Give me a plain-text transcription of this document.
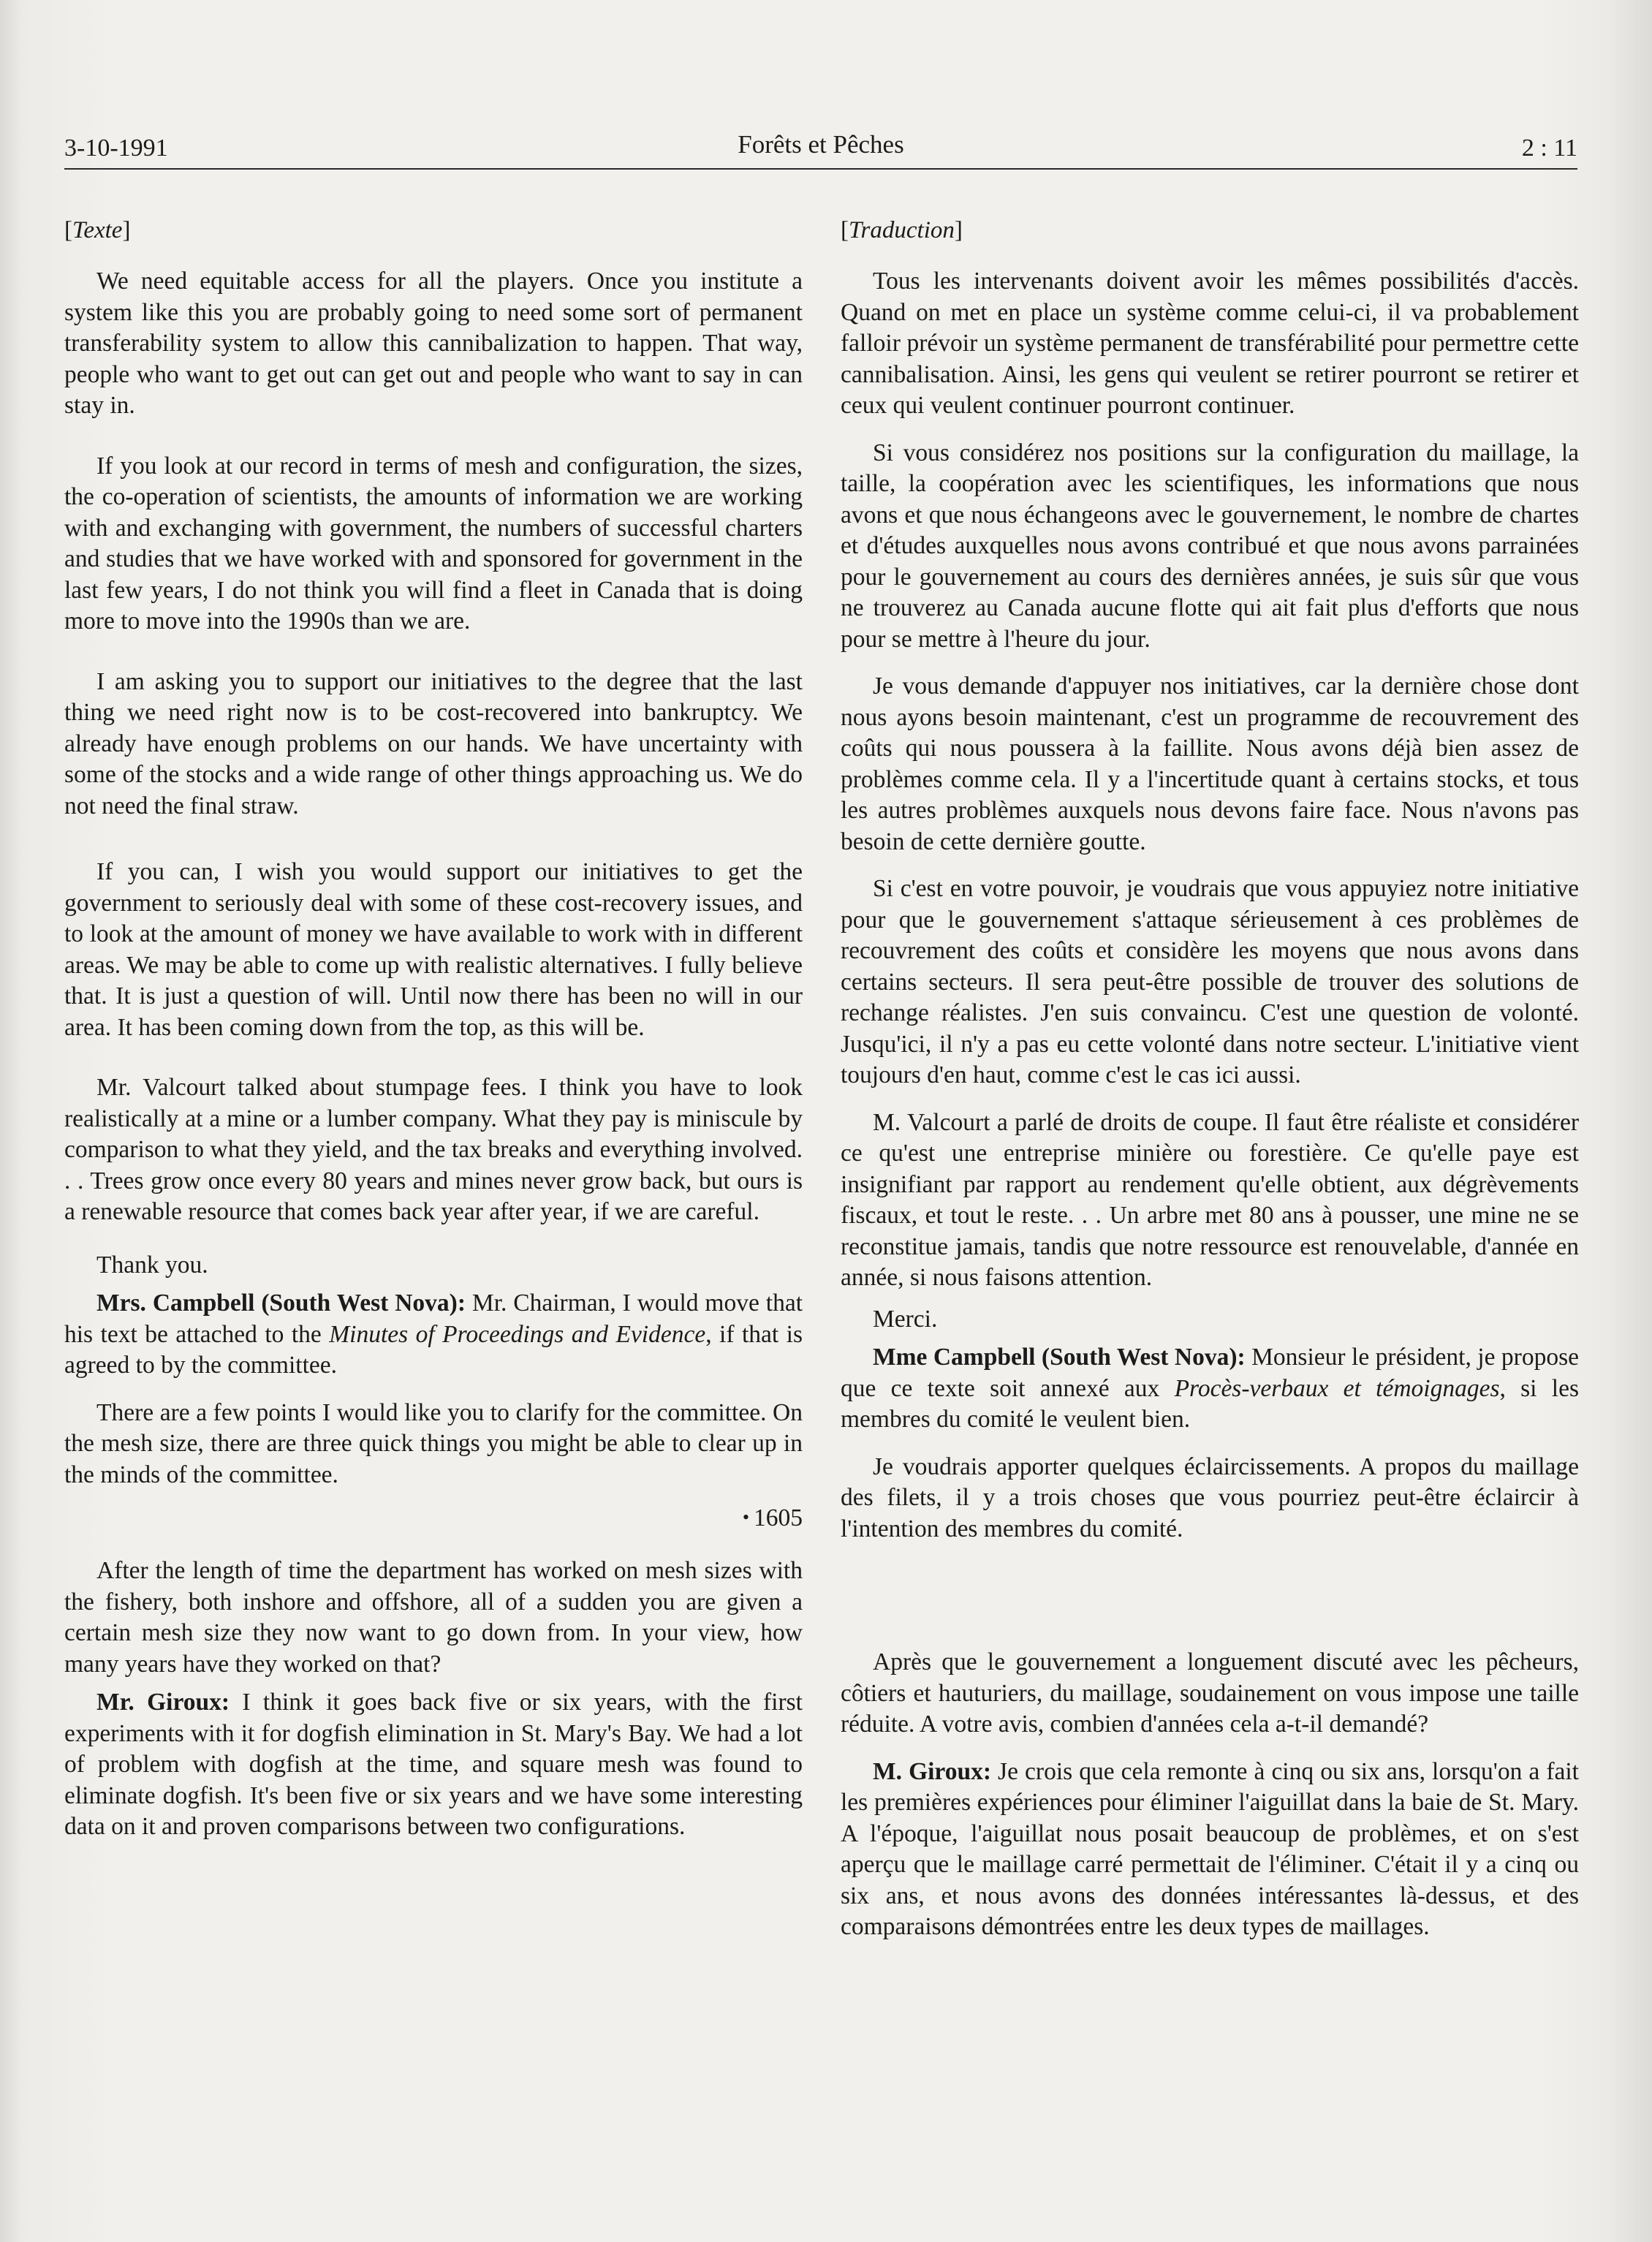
3-10-1991	Forêts et Pêches	2 : 11
[Texte]

We need equitable access for all the players. Once you institute a system like this you are probably going to need some sort of permanent transferability system to allow this cannibalization to happen. That way, people who want to get out can get out and people who want to say in can stay in.

If you look at our record in terms of mesh and configuration, the sizes, the co-operation of scientists, the amounts of information we are working with and exchanging with government, the numbers of successful charters and studies that we have worked with and sponsored for government in the last few years, I do not think you will find a fleet in Canada that is doing more to move into the 1990s than we are.

I am asking you to support our initiatives to the degree that the last thing we need right now is to be cost-recovered into bankruptcy. We already have enough problems on our hands. We have uncertainty with some of the stocks and a wide range of other things approaching us. We do not need the final straw.

If you can, I wish you would support our initiatives to get the government to seriously deal with some of these cost-recovery issues, and to look at the amount of money we have available to work with in different areas. We may be able to come up with realistic alternatives. I fully believe that. It is just a question of will. Until now there has been no will in our area. It has been coming down from the top, as this will be.

Mr. Valcourt talked about stumpage fees. I think you have to look realistically at a mine or a lumber company. What they pay is miniscule by comparison to what they yield, and the tax breaks and everything involved. . . Trees grow once every 80 years and mines never grow back, but ours is a renewable resource that comes back year after year, if we are careful.

Thank you.

Mrs. Campbell (South West Nova): Mr. Chairman, I would move that his text be attached to the Minutes of Proceedings and Evidence, if that is agreed to by the committee.

There are a few points I would like you to clarify for the committee. On the mesh size, there are three quick things you might be able to clear up in the minds of the committee.

• 1605

After the length of time the department has worked on mesh sizes with the fishery, both inshore and offshore, all of a sudden you are given a certain mesh size they now want to go down from. In your view, how many years have they worked on that?

Mr. Giroux: I think it goes back five or six years, with the first experiments with it for dogfish elimination in St. Mary's Bay. We had a lot of problem with dogfish at the time, and square mesh was found to eliminate dogfish. It's been five or six years and we have some interesting data on it and proven comparisons between two configurations.

[Traduction]

Tous les intervenants doivent avoir les mêmes possibilités d'accès. Quand on met en place un système comme celui-ci, il va probablement falloir prévoir un système permanent de transférabilité pour permettre cette cannibalisation. Ainsi, les gens qui veulent se retirer pourront se retirer et ceux qui veulent continuer pourront continuer.

Si vous considérez nos positions sur la configuration du maillage, la taille, la coopération avec les scientifiques, les informations que nous avons et que nous échangeons avec le gouvernement, le nombre de chartes et d'études auxquelles nous avons contribué et que nous avons parrainées pour le gouvernement au cours des dernières années, je suis sûr que vous ne trouverez au Canada aucune flotte qui ait fait plus d'efforts que nous pour se mettre à l'heure du jour.

Je vous demande d'appuyer nos initiatives, car la dernière chose dont nous ayons besoin maintenant, c'est un programme de recouvrement des coûts qui nous poussera à la faillite. Nous avons déjà bien assez de problèmes comme cela. Il y a l'incertitude quant à certains stocks, et tous les autres problèmes auxquels nous devons faire face. Nous n'avons pas besoin de cette dernière goutte.

Si c'est en votre pouvoir, je voudrais que vous appuyiez notre initiative pour que le gouvernement s'attaque sérieusement à ces problèmes de recouvrement des coûts et considère les moyens que nous avons dans certains secteurs. Il sera peut-être possible de trouver des solutions de rechange réalistes. J'en suis convaincu. C'est une question de volonté. Jusqu'ici, il n'y a pas eu cette volonté dans notre secteur. L'initiative vient toujours d'en haut, comme c'est le cas ici aussi.

M. Valcourt a parlé de droits de coupe. Il faut être réaliste et considérer ce qu'est une entreprise minière ou forestière. Ce qu'elle paye est insignifiant par rapport au rendement qu'elle obtient, aux dégrèvements fiscaux, et tout le reste. . . Un arbre met 80 ans à pousser, une mine ne se reconstitue jamais, tandis que notre ressource est renouvelable, d'année en année, si nous faisons attention.

Merci.

Mme Campbell (South West Nova): Monsieur le président, je propose que ce texte soit annexé aux Procès-verbaux et témoignages, si les membres du comité le veulent bien.

Je voudrais apporter quelques éclaircissements. A propos du maillage des filets, il y a trois choses que vous pourriez peut-être éclaircir à l'intention des membres du comité.

Après que le gouvernement a longuement discuté avec les pêcheurs, côtiers et hauturiers, du maillage, soudainement on vous impose une taille réduite. A votre avis, combien d'années cela a-t-il demandé?

M. Giroux: Je crois que cela remonte à cinq ou six ans, lorsqu'on a fait les premières expériences pour éliminer l'aiguillat dans la baie de St. Mary. A l'époque, l'aiguillat nous posait beaucoup de problèmes, et on s'est aperçu que le maillage carré permettait de l'éliminer. C'était il y a cinq ou six ans, et nous avons des données intéressantes là-dessus, et des comparaisons démontrées entre les deux types de maillages.
